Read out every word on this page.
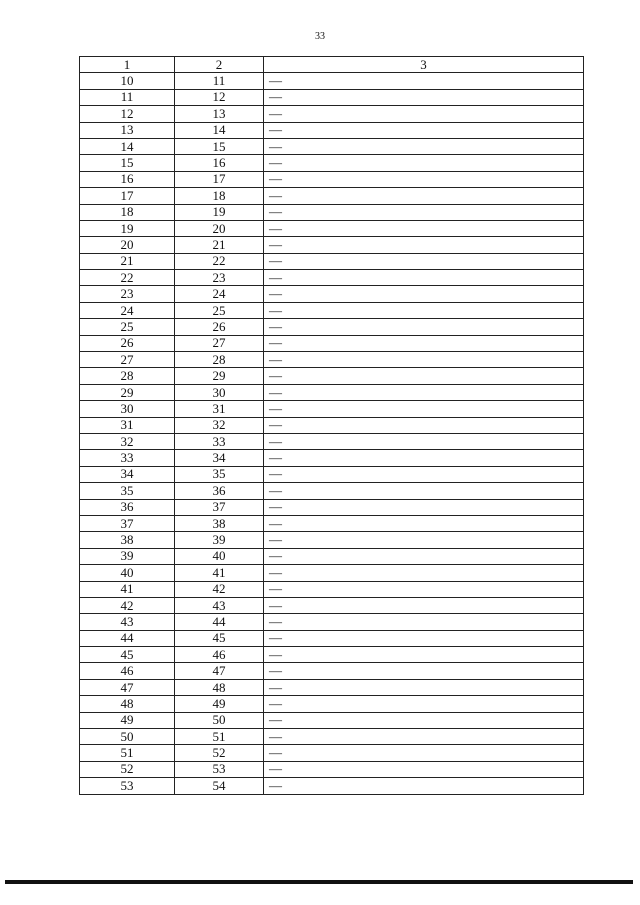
33
1	2	3
10	11	—
11	12	—
12	13	—
13	14	—
14	15	—
15	16	—
16	17	—
17	18	—
18	19	—
19	20	—
20	21	—
21	22	—
22	23	—
23	24	—
24	25	—
25	26	—
26	27	—
27	28	—
28	29	—
29	30	—
30	31	—
31	32	—
32	33	—
33	34	—
34	35	—
35	36	—
36	37	—
37	38	—
38	39	—
39	40	—
40	41	—
41	42	—
42	43	—
43	44	—
44	45	—
45	46	—
46	47	—
47	48	—
48	49	—
49	50	—
50	51	—
51	52	—
52	53	—
53	54	—
